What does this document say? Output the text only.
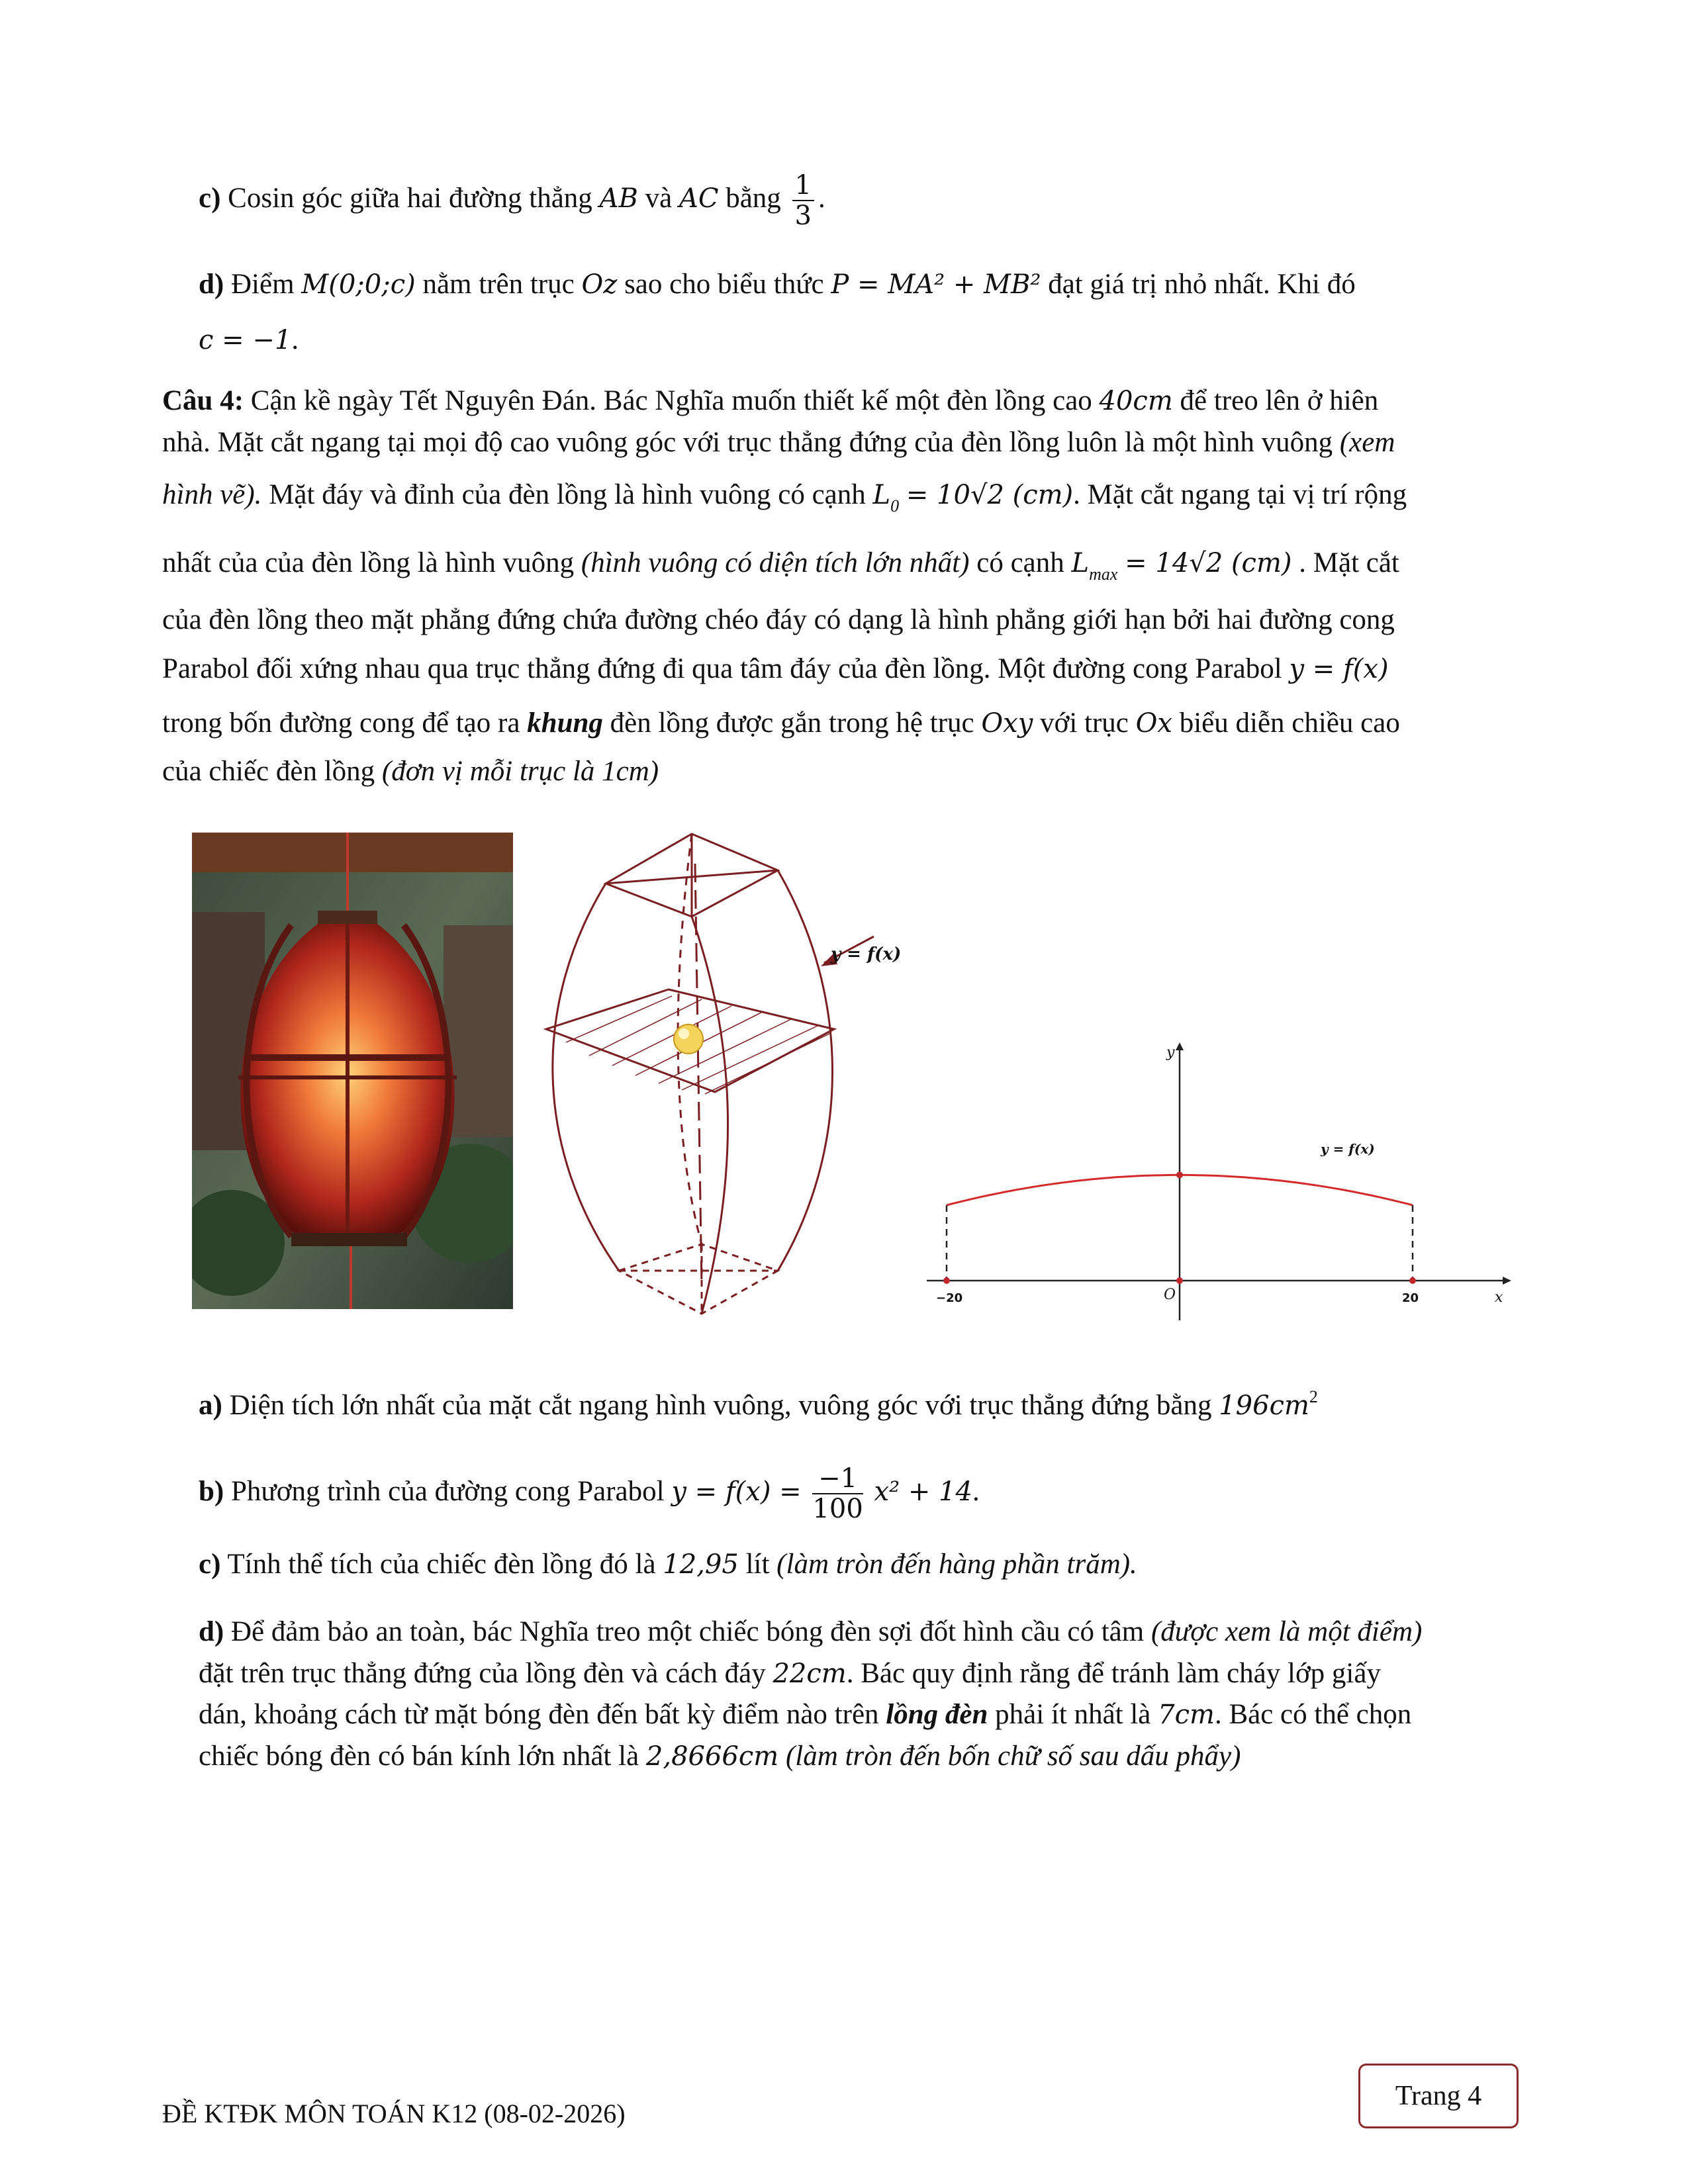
c) Cosin góc giữa hai đường thẳng AB và AC bằng $\frac{1}{3}$ .
d) Điểm M(0;0;c) nằm trên trục Oz sao cho biểu thức P = MA² + MB² đạt giá trị nhỏ nhất. Khi đó
c = −1.
Câu 4: Cận kề ngày Tết Nguyên Đán. Bác Nghĩa muốn thiết kế một đèn lồng cao 40cm để treo lên ở hiên
nhà. Mặt cắt ngang tại mọi độ cao vuông góc với trục thẳng đứng của đèn lồng luôn là một hình vuông (xem
hình vẽ). Mặt đáy và đỉnh của đèn lồng là hình vuông có cạnh $L_0 = 10√2$ (cm). Mặt cắt ngang tại vị trí rộng
nhất của của đèn lồng là hình vuông (hình vuông có diện tích lớn nhất) có cạnh $L_{max} = 14√2$ (cm) . Mặt cắt
của đèn lồng theo mặt phẳng đứng chứa đường chéo đáy có dạng là hình phẳng giới hạn bởi hai đường cong
Parabol đối xứng nhau qua trục thẳng đứng đi qua tâm đáy của đèn lồng. Một đường cong Parabol y = f(x)
trong bốn đường cong để tạo ra khung đèn lồng được gắn trong hệ trục Oxy với trục Ox biểu diễn chiều cao
của chiếc đèn lồng (đơn vị mỗi trục là 1cm)
y = f(x)
y
x
O
−20	20
y = f(x)
a) Diện tích lớn nhất của mặt cắt ngang hình vuông, vuông góc với trục thẳng đứng bằng $196cm^2$
b) Phương trình của đường cong Parabol $y = f(x) = \frac{-1}{100} x^2 + 14$.
c) Tính thể tích của chiếc đèn lồng đó là 12,95 lít (làm tròn đến hàng phần trăm).
d) Để đảm bảo an toàn, bác Nghĩa treo một chiếc bóng đèn sợi đốt hình cầu có tâm (được xem là một điểm)
đặt trên trục thẳng đứng của lồng đèn và cách đáy 22cm. Bác quy định rằng để tránh làm cháy lớp giấy
dán, khoảng cách từ mặt bóng đèn đến bất kỳ điểm nào trên lồng đèn phải ít nhất là 7cm. Bác có thể chọn
chiếc bóng đèn có bán kính lớn nhất là 2,8666cm (làm tròn đến bốn chữ số sau dấu phẩy)
ĐỀ KTĐK MÔN TOÁN K12 (08-02-2026)
Trang 4
